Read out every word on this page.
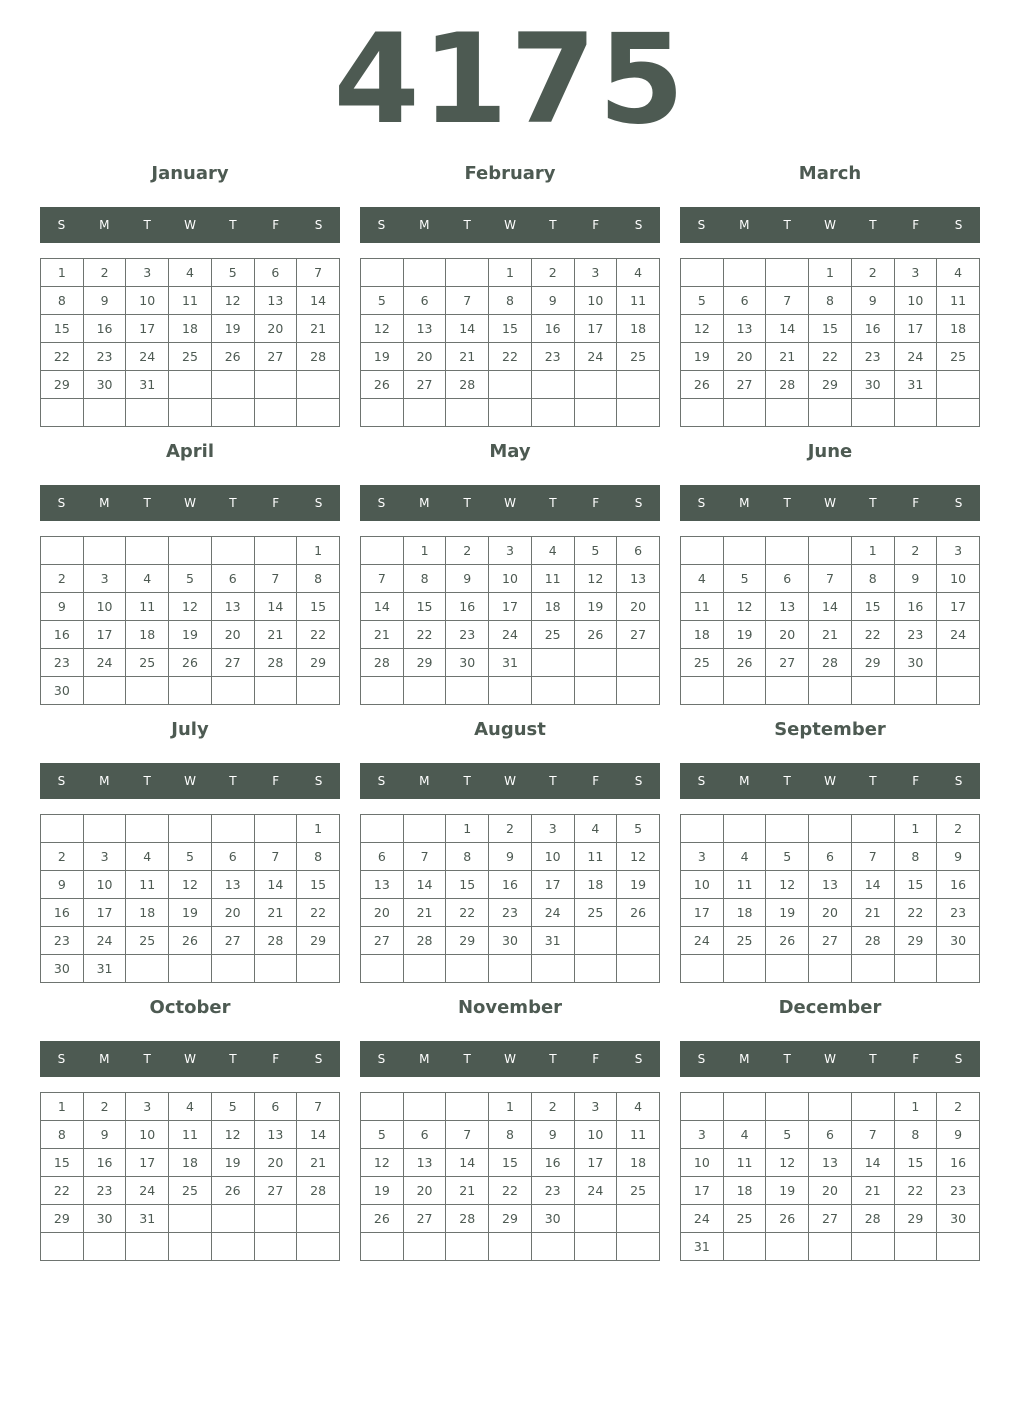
4175
January
S	M	T	W	T	F	S
1	2	3	4	5	6	7
8	9	10	11	12	13	14
15	16	17	18	19	20	21
22	23	24	25	26	27	28
29	30	31				

February
S	M	T	W	T	F	S
			1	2	3	4
5	6	7	8	9	10	11
12	13	14	15	16	17	18
19	20	21	22	23	24	25
26	27	28				

March
S	M	T	W	T	F	S
			1	2	3	4
5	6	7	8	9	10	11
12	13	14	15	16	17	18
19	20	21	22	23	24	25
26	27	28	29	30	31	

April
S	M	T	W	T	F	S
						1
2	3	4	5	6	7	8
9	10	11	12	13	14	15
16	17	18	19	20	21	22
23	24	25	26	27	28	29
30						
May
S	M	T	W	T	F	S
	1	2	3	4	5	6
7	8	9	10	11	12	13
14	15	16	17	18	19	20
21	22	23	24	25	26	27
28	29	30	31			

June
S	M	T	W	T	F	S
				1	2	3
4	5	6	7	8	9	10
11	12	13	14	15	16	17
18	19	20	21	22	23	24
25	26	27	28	29	30	

July
S	M	T	W	T	F	S
						1
2	3	4	5	6	7	8
9	10	11	12	13	14	15
16	17	18	19	20	21	22
23	24	25	26	27	28	29
30	31					
August
S	M	T	W	T	F	S
		1	2	3	4	5
6	7	8	9	10	11	12
13	14	15	16	17	18	19
20	21	22	23	24	25	26
27	28	29	30	31		

September
S	M	T	W	T	F	S
					1	2
3	4	5	6	7	8	9
10	11	12	13	14	15	16
17	18	19	20	21	22	23
24	25	26	27	28	29	30

October
S	M	T	W	T	F	S
1	2	3	4	5	6	7
8	9	10	11	12	13	14
15	16	17	18	19	20	21
22	23	24	25	26	27	28
29	30	31				

November
S	M	T	W	T	F	S
			1	2	3	4
5	6	7	8	9	10	11
12	13	14	15	16	17	18
19	20	21	22	23	24	25
26	27	28	29	30		

December
S	M	T	W	T	F	S
					1	2
3	4	5	6	7	8	9
10	11	12	13	14	15	16
17	18	19	20	21	22	23
24	25	26	27	28	29	30
31						
